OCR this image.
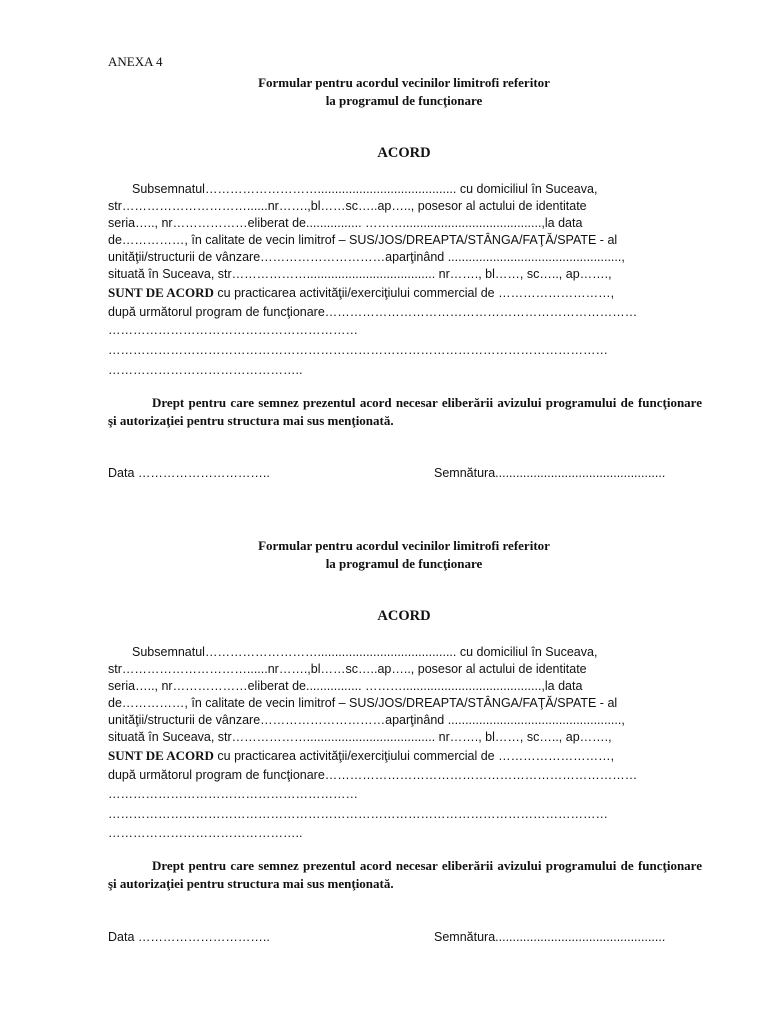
ANEXA 4
Formular pentru acordul vecinilor limitrofi referitor
la programul de funcţionare
ACORD
Subsemnatul………………………........................................ cu domiciliul în Suceava,
str…………………………......nr…….,bl……sc…..ap….., posesor al actului de identitate
seria….., nr………………eliberat de................ ………........................................,la data
de……………, în calitate de vecin limitrof – SUS/JOS/DREAPTA/STÂNGA/FAŢĂ/SPATE - al
unităţii/structurii de vânzare…………………………aparţinând ..................................................,
situată în Suceava, str………………..................................... nr……., bl……, sc….., ap…….,
SUNT DE ACORD cu practicarea activităţii/exerciţiului commercial de ………………………,
după următorul program de funcţionare…………………………………………………………………
……………………………………………………
…………………………………………………………………………………………………………
………………………………………..
Drept pentru care semnez prezentul acord necesar eliberării avizului programului de funcţionare şi autorizaţiei pentru structura mai sus menţionată.
Data …………………………..	Semnătura.................................................
Formular pentru acordul vecinilor limitrofi referitor
la programul de funcţionare
ACORD
Subsemnatul………………………........................................ cu domiciliul în Suceava,
str…………………………......nr…….,bl……sc…..ap….., posesor al actului de identitate
seria….., nr………………eliberat de................ ………........................................,la data
de……………, în calitate de vecin limitrof – SUS/JOS/DREAPTA/STÂNGA/FAŢĂ/SPATE - al
unităţii/structurii de vânzare…………………………aparţinând ..................................................,
situată în Suceava, str………………..................................... nr……., bl……, sc….., ap…….,
SUNT DE ACORD cu practicarea activităţii/exerciţiului commercial de ………………………,
după următorul program de funcţionare…………………………………………………………………
……………………………………………………
…………………………………………………………………………………………………………
………………………………………..
Drept pentru care semnez prezentul acord necesar eliberării avizului programului de funcţionare şi autorizaţiei pentru structura mai sus menţionată.
Data …………………………..	Semnătura.................................................
